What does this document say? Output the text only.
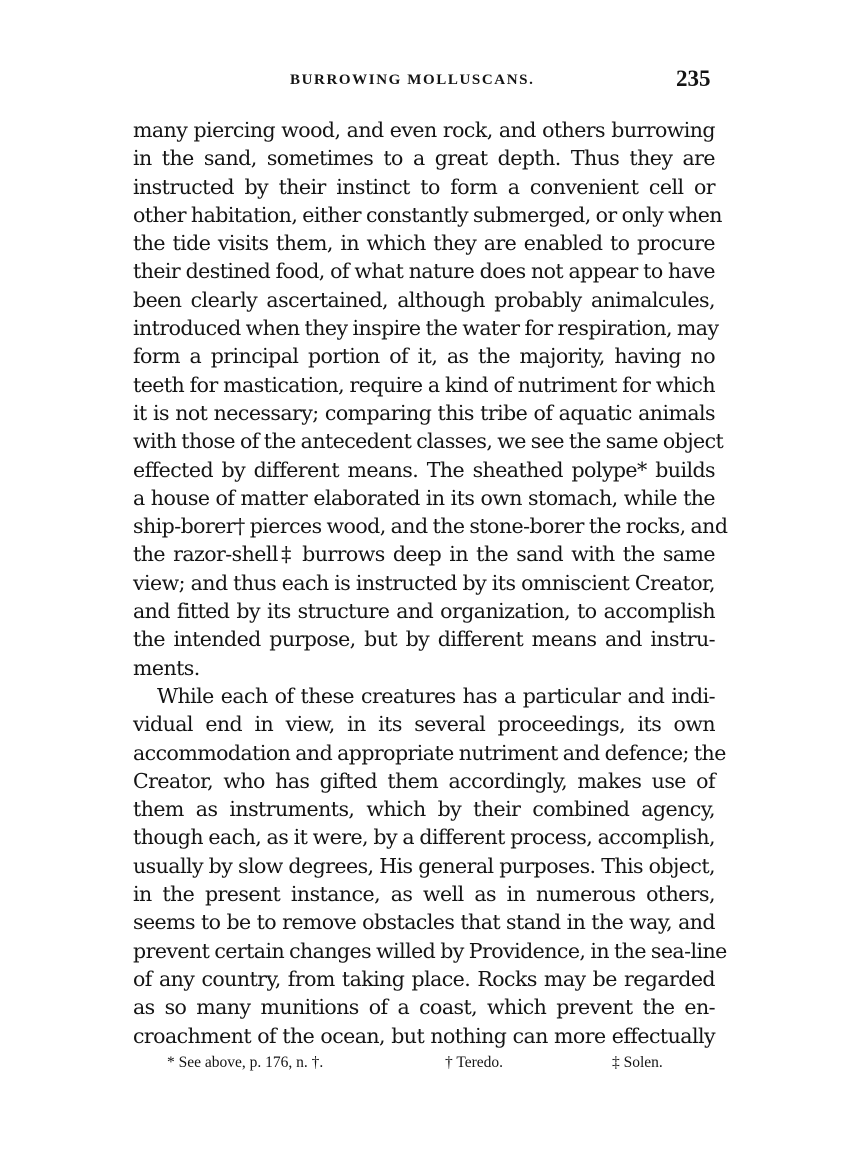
BURROWING MOLLUSCANS.	235
many piercing wood, and even rock, and others burrowing
in the sand, sometimes to a great depth. Thus they are
instructed by their instinct to form a convenient cell or
other habitation, either constantly submerged, or only when
the tide visits them, in which they are enabled to procure
their destined food, of what nature does not appear to have
been clearly ascertained, although probably animalcules,
introduced when they inspire the water for respiration, may
form a principal portion of it, as the majority, having no
teeth for mastication, require a kind of nutriment for which
it is not necessary; comparing this tribe of aquatic animals
with those of the antecedent classes, we see the same object
effected by different means. The sheathed polype* builds
a house of matter elaborated in its own stomach, while the
ship-borer† pierces wood, and the stone-borer the rocks, and
the razor-shell‡ burrows deep in the sand with the same
view; and thus each is instructed by its omniscient Creator,
and fitted by its structure and organization, to accomplish
the intended purpose, but by different means and instru-
ments.
While each of these creatures has a particular and indi-
vidual end in view, in its several proceedings, its own
accommodation and appropriate nutriment and defence; the
Creator, who has gifted them accordingly, makes use of
them as instruments, which by their combined agency,
though each, as it were, by a different process, accomplish,
usually by slow degrees, His general purposes. This object,
in the present instance, as well as in numerous others,
seems to be to remove obstacles that stand in the way, and
prevent certain changes willed by Providence, in the sea-line
of any country, from taking place. Rocks may be regarded
as so many munitions of a coast, which prevent the en-
croachment of the ocean, but nothing can more effectually
* See above, p. 176, n. †.	† Teredo.	‡ Solen.
